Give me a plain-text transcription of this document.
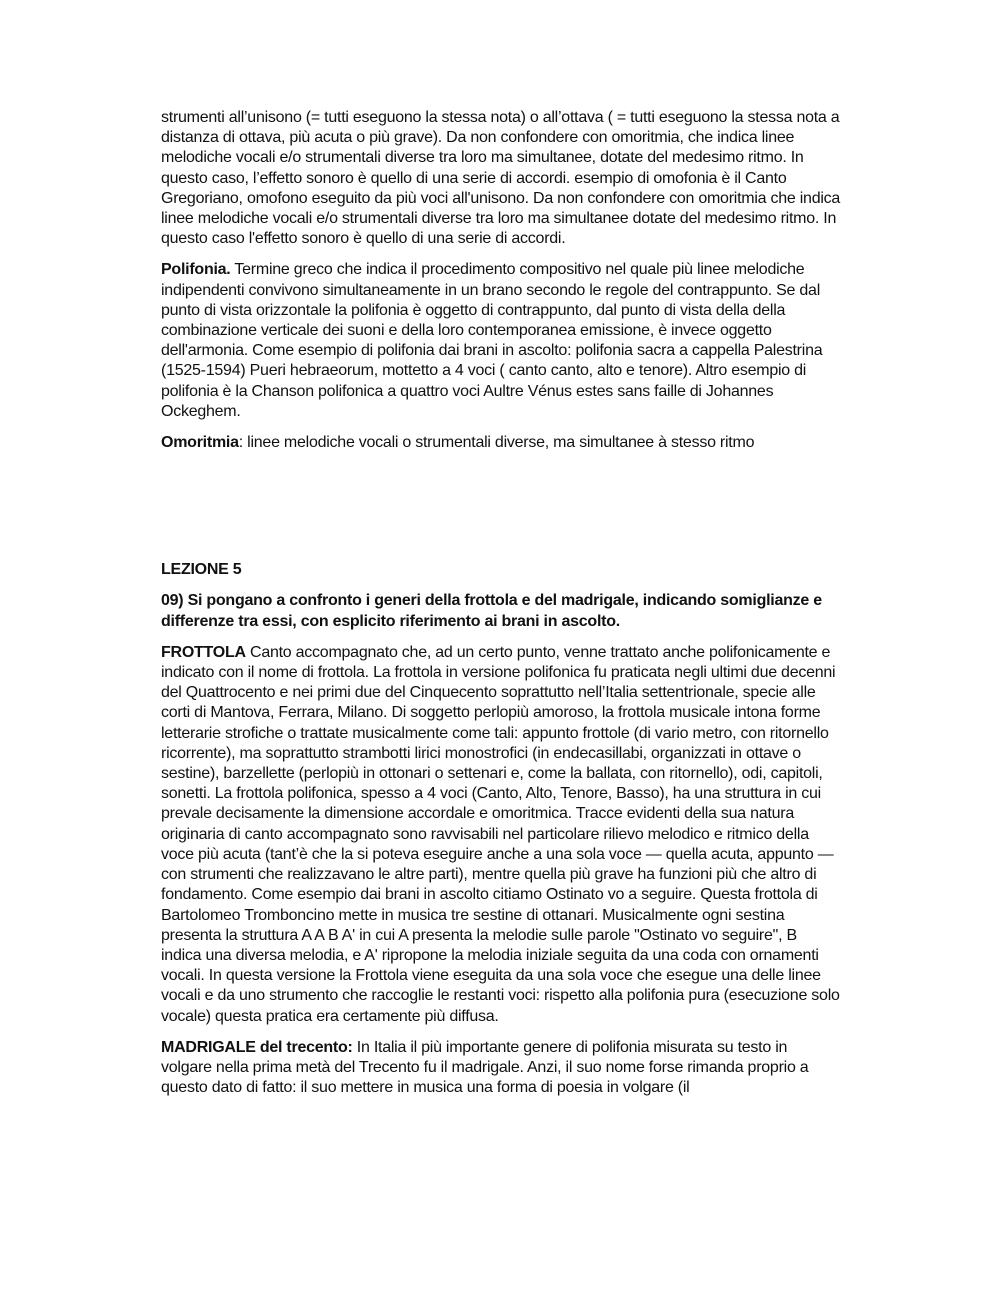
strumenti all’unisono (= tutti eseguono la stessa nota) o all’ottava ( = tutti eseguono la stessa nota a distanza di ottava, più acuta o più grave). Da non confondere con omoritmia, che indica linee melodiche vocali e/o strumentali diverse tra loro ma simultanee, dotate del medesimo ritmo. In questo caso, l’effetto sonoro è quello di una serie di accordi. esempio di omofonia è il Canto Gregoriano, omofono eseguito da più voci all'unisono. Da non confondere con omoritmia che indica linee melodiche vocali e/o strumentali diverse tra loro ma simultanee dotate del medesimo ritmo. In questo caso l'effetto sonoro è quello di una serie di accordi.

Polifonia. Termine greco che indica il procedimento compositivo nel quale più linee melodiche indipendenti convivono simultaneamente in un brano secondo le regole del contrappunto. Se dal punto di vista orizzontale la polifonia è oggetto di contrappunto, dal punto di vista della della combinazione verticale dei suoni e della loro contemporanea emissione, è invece oggetto dell'armonia. Come esempio di polifonia dai brani in ascolto: polifonia sacra a cappella Palestrina (1525-1594) Pueri hebraeorum, mottetto a 4 voci ( canto canto, alto e tenore). Altro esempio di polifonia è la Chanson polifonica a quattro voci Aultre Vénus estes sans faille di Johannes Ockeghem.

Omoritmia: linee melodiche vocali o strumentali diverse, ma simultanee à stesso ritmo

LEZIONE 5

09) Si pongano a confronto i generi della frottola e del madrigale, indicando somiglianze e differenze tra essi, con esplicito riferimento ai brani in ascolto.

FROTTOLA Canto accompagnato che, ad un certo punto, venne trattato anche polifonicamente e indicato con il nome di frottola. La frottola in versione polifonica fu praticata negli ultimi due decenni del Quattrocento e nei primi due del Cinquecento soprattutto nell’Italia settentrionale, specie alle corti di Mantova, Ferrara, Milano. Di soggetto perlopiù amoroso, la frottola musicale intona forme letterarie strofiche o trattate musicalmente come tali: appunto frottole (di vario metro, con ritornello ricorrente), ma soprattutto strambotti lirici monostrofici (in endecasillabi, organizzati in ottave o sestine), barzellette (perlopiù in ottonari o settenari e, come la ballata, con ritornello), odi, capitoli, sonetti. La frottola polifonica, spesso a 4 voci (Canto, Alto, Tenore, Basso), ha una struttura in cui prevale decisamente la dimensione accordale e omoritmica. Tracce evidenti della sua natura originaria di canto accompagnato sono ravvisabili nel particolare rilievo melodico e ritmico della voce più acuta (tant’è che la si poteva eseguire anche a una sola voce — quella acuta, appunto — con strumenti che realizzavano le altre parti), mentre quella più grave ha funzioni più che altro di fondamento. Come esempio dai brani in ascolto citiamo Ostinato vo a seguire. Questa frottola di Bartolomeo Tromboncino mette in musica tre sestine di ottanari. Musicalmente ogni sestina presenta la struttura A A B A' in cui A presenta la melodie sulle parole "Ostinato vo seguire", B indica una diversa melodia, e A' ripropone la melodia iniziale seguita da una coda con ornamenti vocali. In questa versione la Frottola viene eseguita da una sola voce che esegue una delle linee vocali e da uno strumento che raccoglie le restanti voci: rispetto alla polifonia pura (esecuzione solo vocale) questa pratica era certamente più diffusa.

MADRIGALE del trecento: In Italia il più importante genere di polifonia misurata su testo in volgare nella prima metà del Trecento fu il madrigale. Anzi, il suo nome forse rimanda proprio a questo dato di fatto: il suo mettere in musica una forma di poesia in volgare (il
